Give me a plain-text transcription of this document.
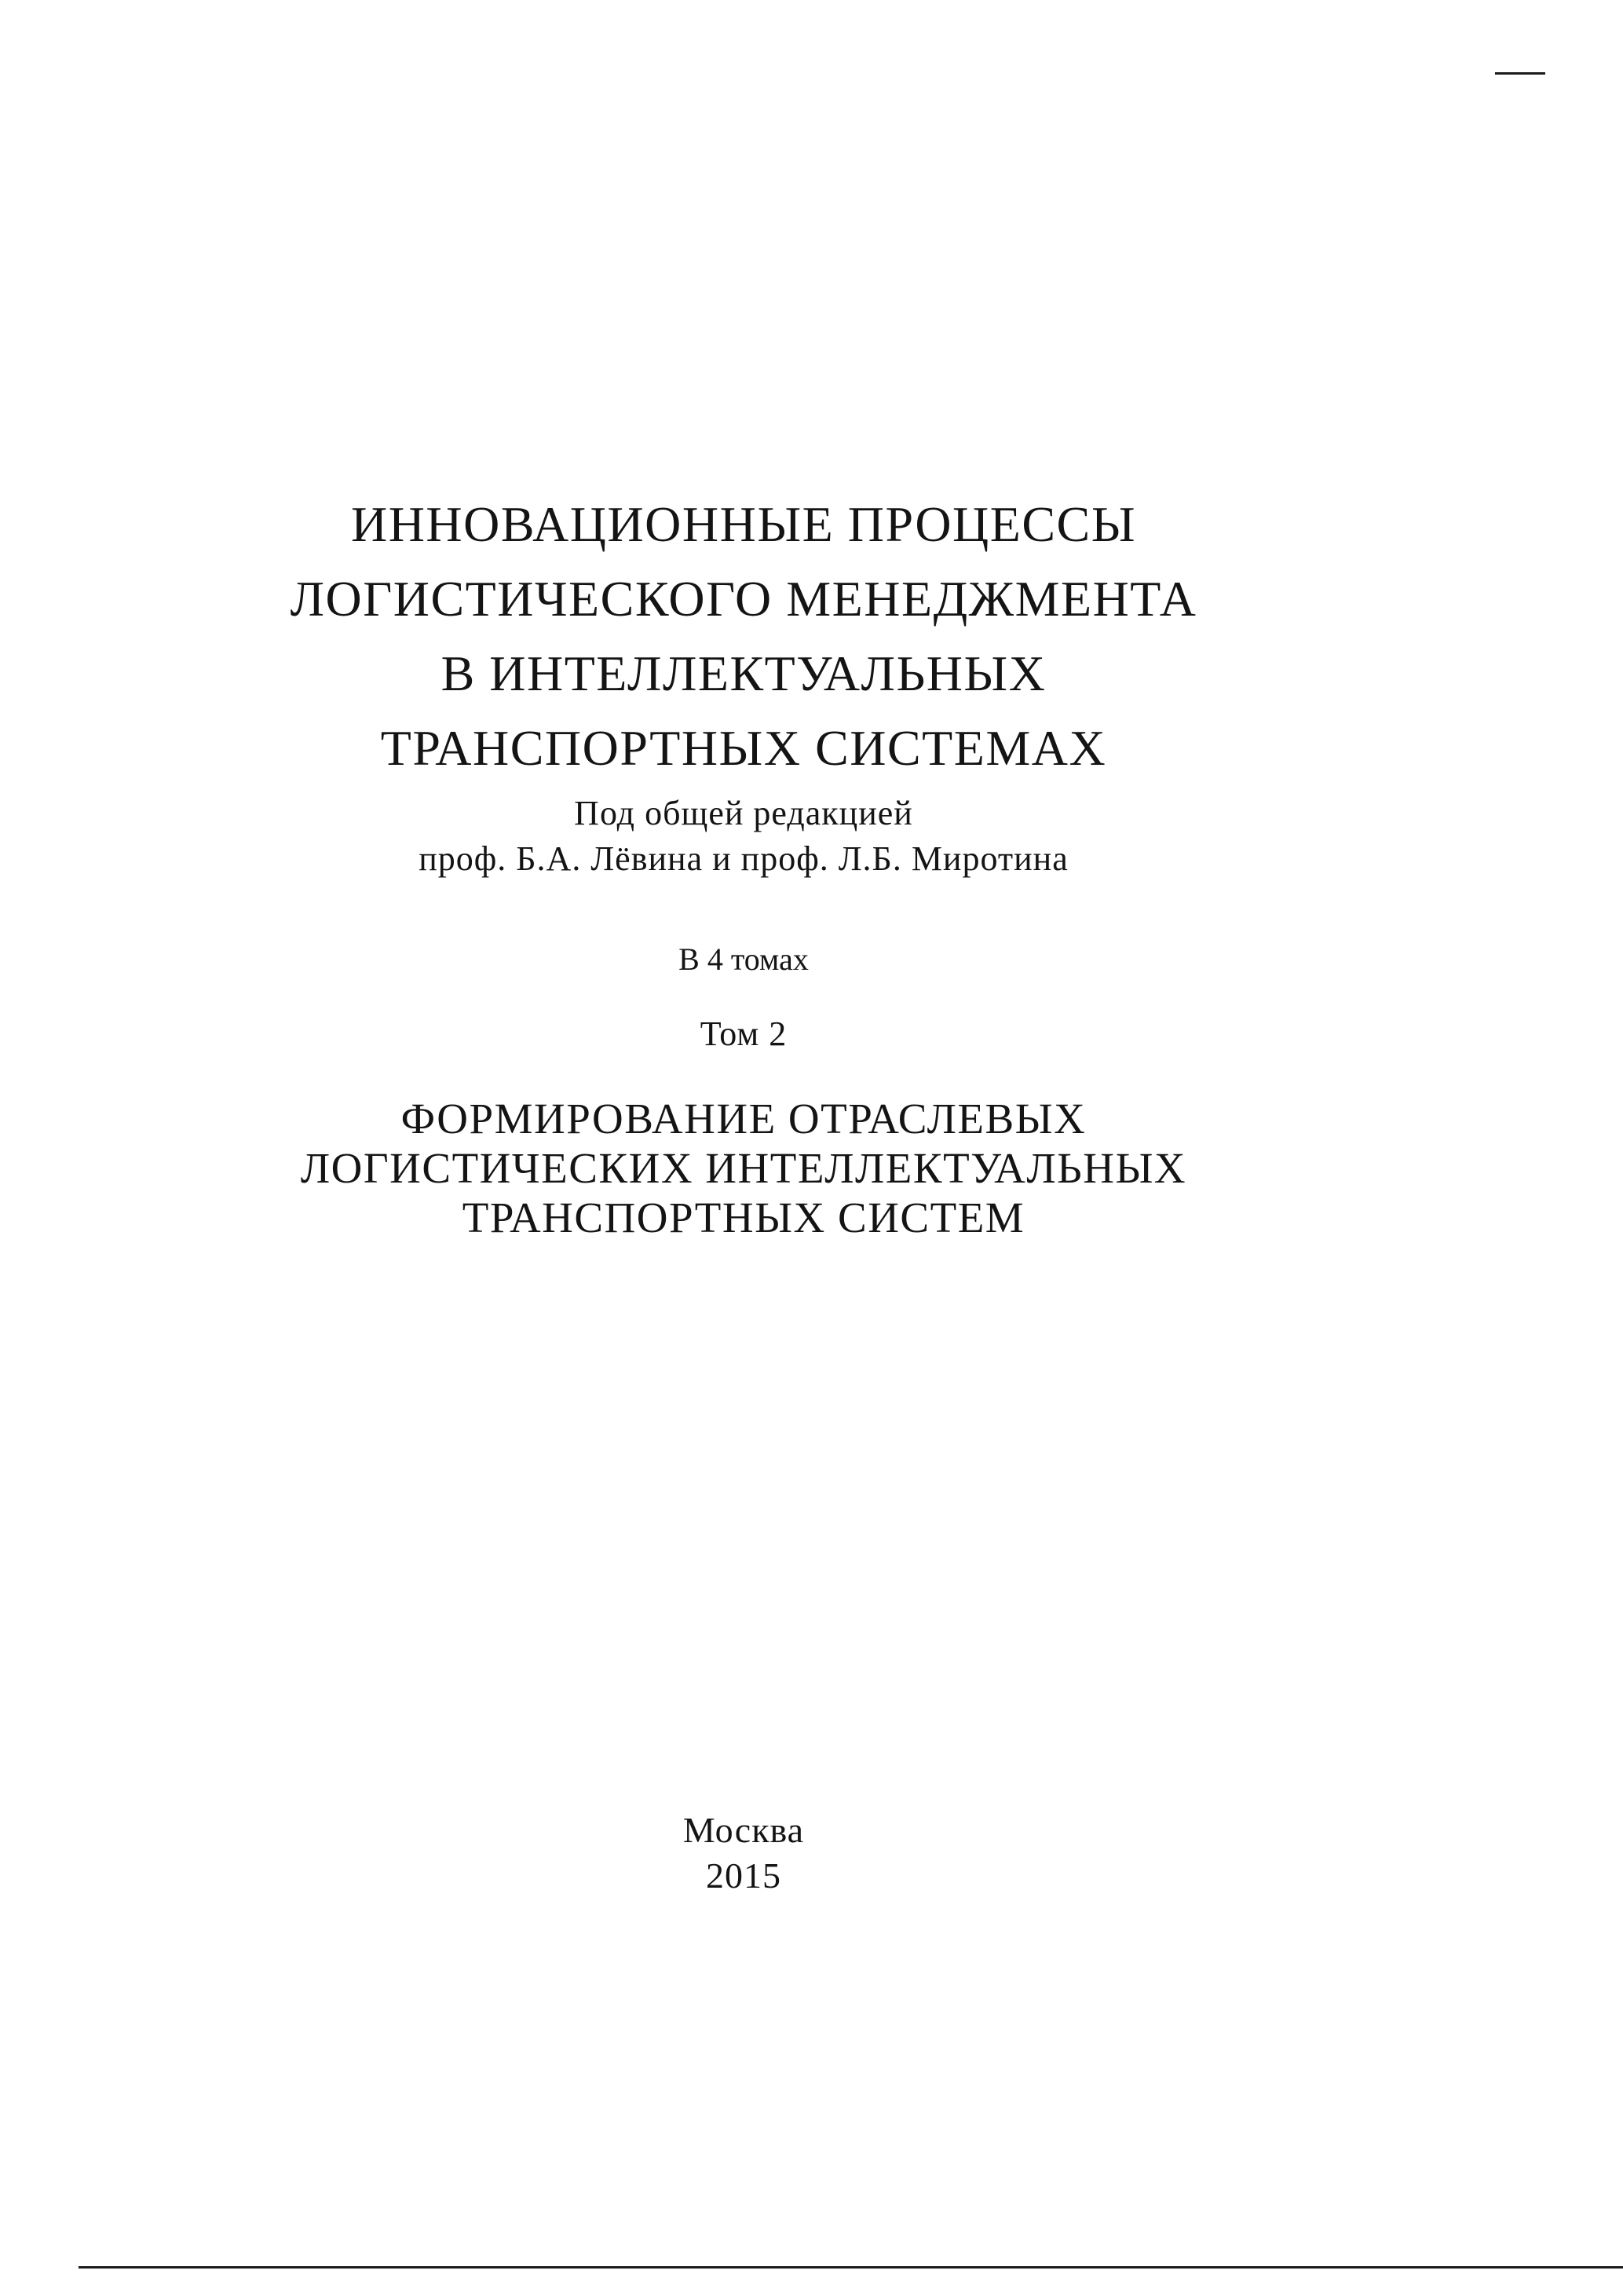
ИННОВАЦИОННЫЕ ПРОЦЕССЫ
ЛОГИСТИЧЕСКОГО МЕНЕДЖМЕНТА
В ИНТЕЛЛЕКТУАЛЬНЫХ
ТРАНСПОРТНЫХ СИСТЕМАХ
Под общей редакцией
проф. Б.А. Лёвина и проф. Л.Б. Миротина
В 4 томах
Том 2
ФОРМИРОВАНИЕ ОТРАСЛЕВЫХ
ЛОГИСТИЧЕСКИХ ИНТЕЛЛЕКТУАЛЬНЫХ
ТРАНСПОРТНЫХ СИСТЕМ
Москва
2015
